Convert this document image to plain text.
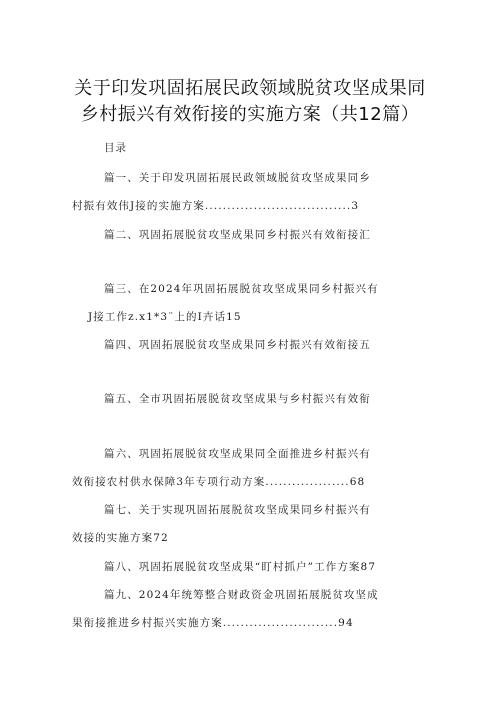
关于印发巩固拓展民政领域脱贫攻坚成果同
乡村振兴有效衔接的实施方案（共12篇）
目录
篇一、关于印发巩固拓展民政领域脱贫攻坚成果同乡
村振有效伟J接的实施方案.................................3
篇二、巩固拓展脱贫攻坚成果同乡村振兴有效衔接汇
篇三、在2024年巩固拓展脱贫攻坚成果同乡村振兴有
J接工作z.x1*3¨上的I卉话15
篇四、巩固拓展脱贫攻坚成果同乡村振兴有效衔接五
篇五、全市巩固拓展脱贫攻坚成果与乡村振兴有效衔
篇六、巩固拓展脱贫攻坚成果同全面推进乡村振兴有
效衔接农村供水保障3年专项行动方案...................68
篇七、关于实现巩固拓展脱贫攻坚成果同乡村振兴有
效接的实施方案72
篇八、巩固拓展脱贫攻坚成果“盯村抓户”工作方案87
篇九、2024年统筹整合财政资金巩固拓展脱贫攻坚成
果衔接推进乡村振兴实施方案..........................94
